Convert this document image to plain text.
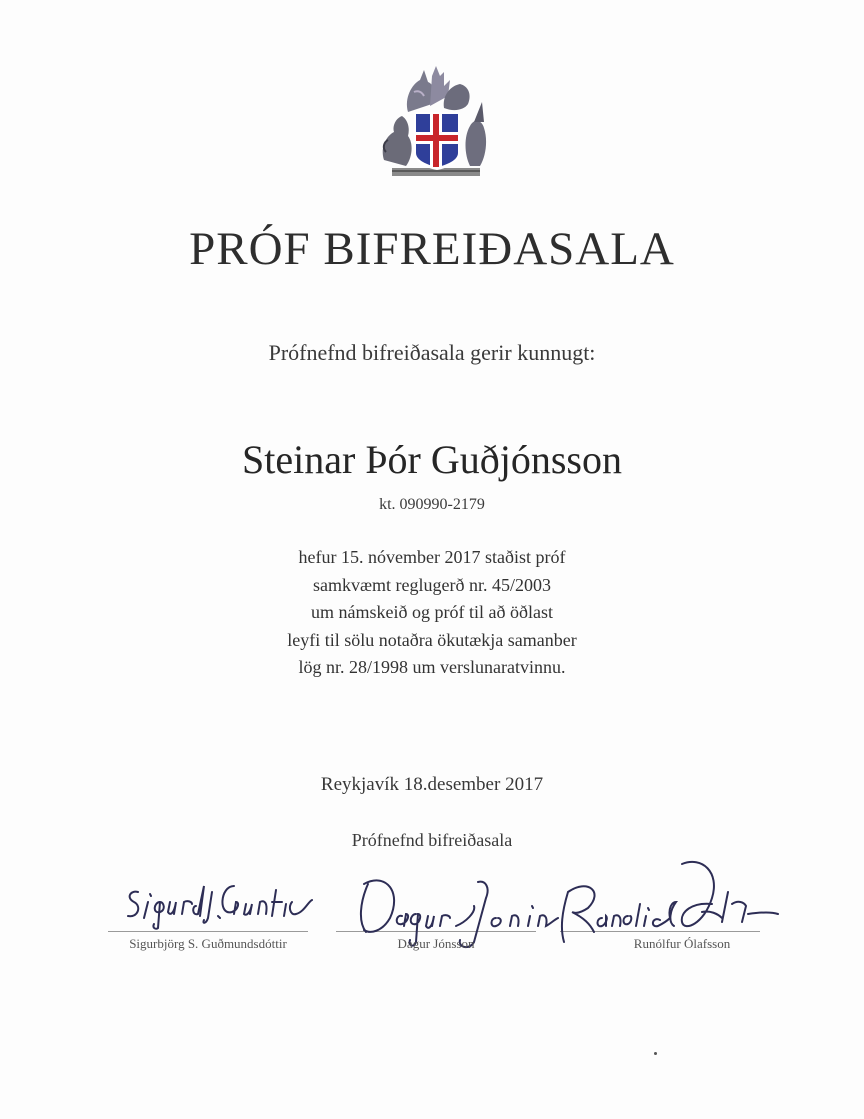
PRÓF BIFREIÐASALA
Prófnefnd bifreiðasala gerir kunnugt:
Steinar Þór Guðjónsson
kt. 090990-2179
hefur 15. nóvember 2017 staðist próf
samkvæmt reglugerð nr. 45/2003
um námskeið og próf til að öðlast
leyfi til sölu notaðra ökutækja samanber
lög nr. 28/1998 um verslunaratvinnu.
Reykjavík 18.desember 2017
Prófnefnd bifreiðasala
Sigurbjörg S. Guðmundsdóttir	Dagur Jónsson	Runólfur Ólafsson
